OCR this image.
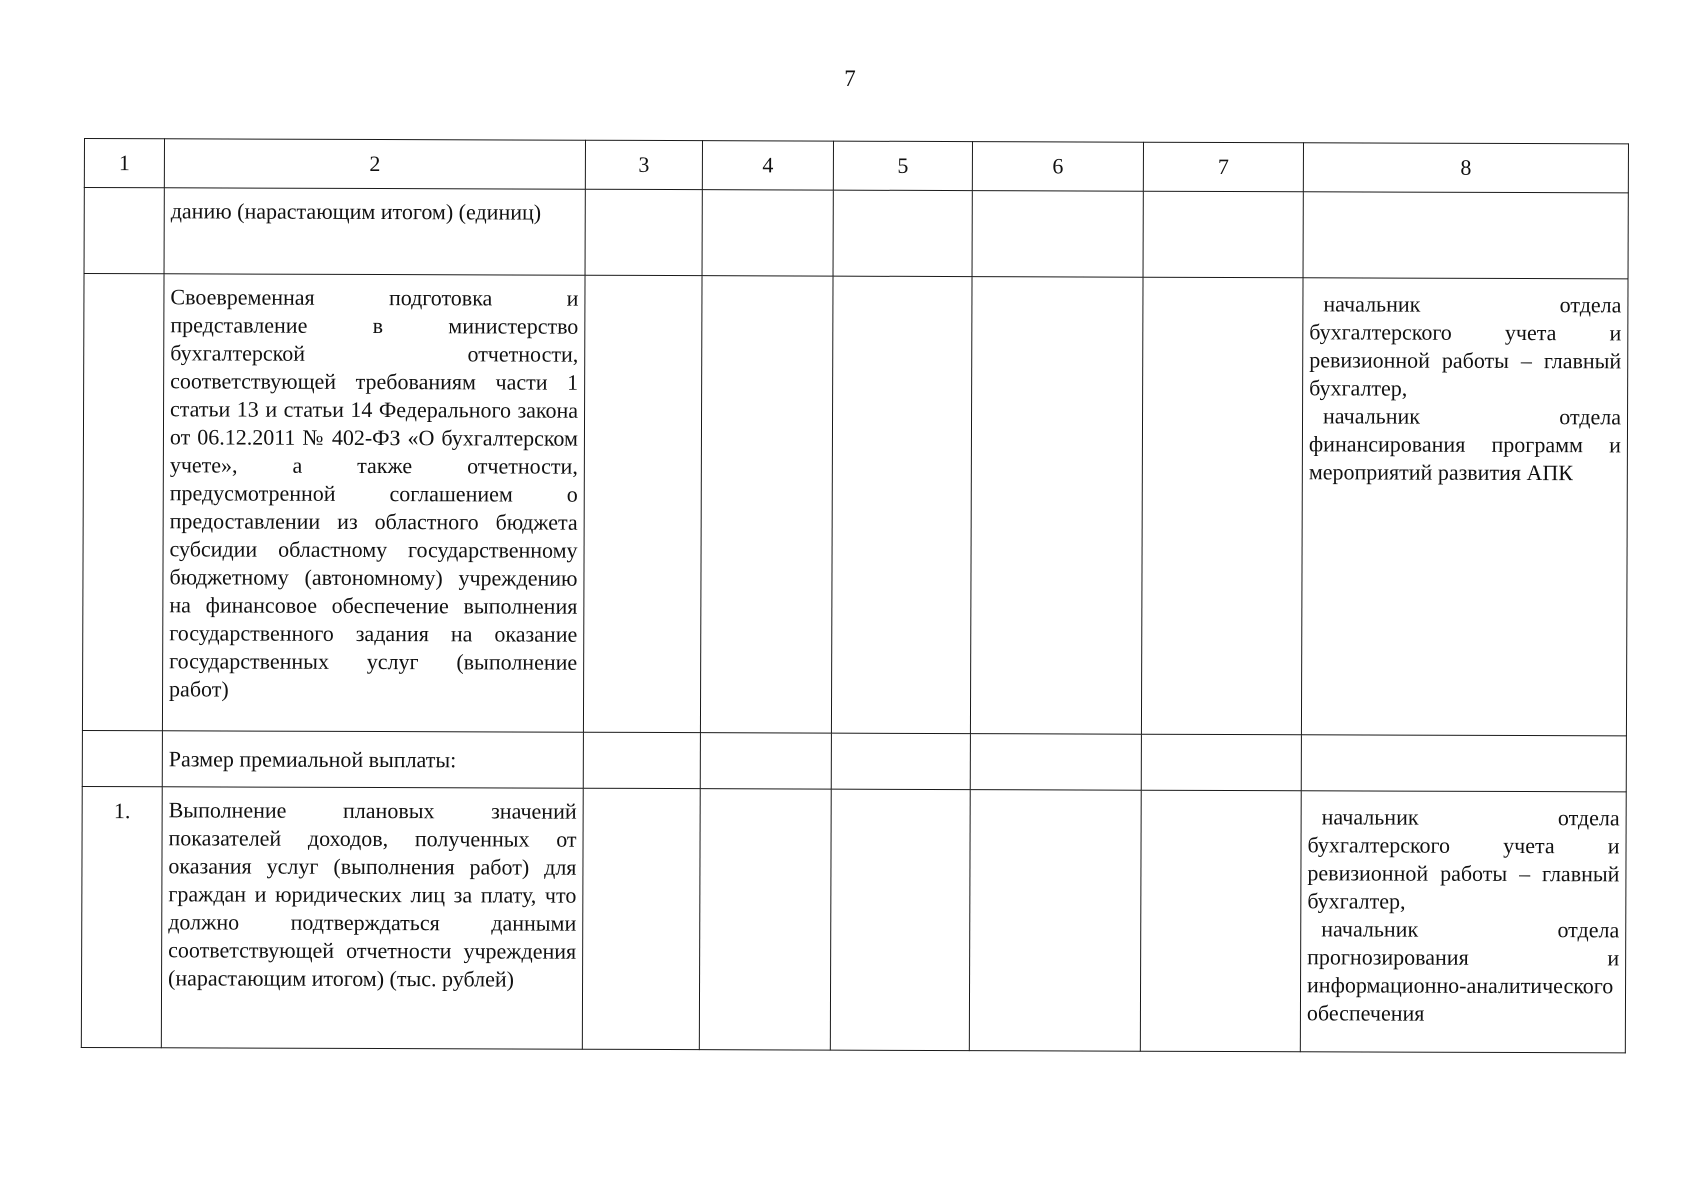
7
1	2	3	4	5	6	7	8
	данию (нарастающим итогом) (единиц)						
	Своевременная подготовка и представление в министерство бухгалтерской отчетности, соответствующей требованиям части 1 статьи 13 и статьи 14 Федерального закона от 06.12.2011 № 402-ФЗ «О бухгалтерском учете», а также отчетности, предусмотренной соглашением о предоставлении из областного бюджета субсидии областному государственному бюджетному (автономному) учреждению на финансовое обеспечение выполнения государственного задания на оказание государственных услуг (выполнение работ)						начальник отдела бухгалтерского учета и ревизионной работы – главный бухгалтер,
начальник отдела финансирования программ и мероприятий развития АПК

	Размер премиальной выплаты:						
1.	Выполнение плановых значений показателей доходов, полученных от оказания услуг (выполнения работ) для граждан и юридических лиц за плату, что должно подтверждаться данными соответствующей отчетности учреждения (нарастающим итогом) (тыс. рублей)						начальник отдела бухгалтерского учета и ревизионной работы – главный бухгалтер,
начальник отдела прогнозирования и информационно-аналитического обеспечения
